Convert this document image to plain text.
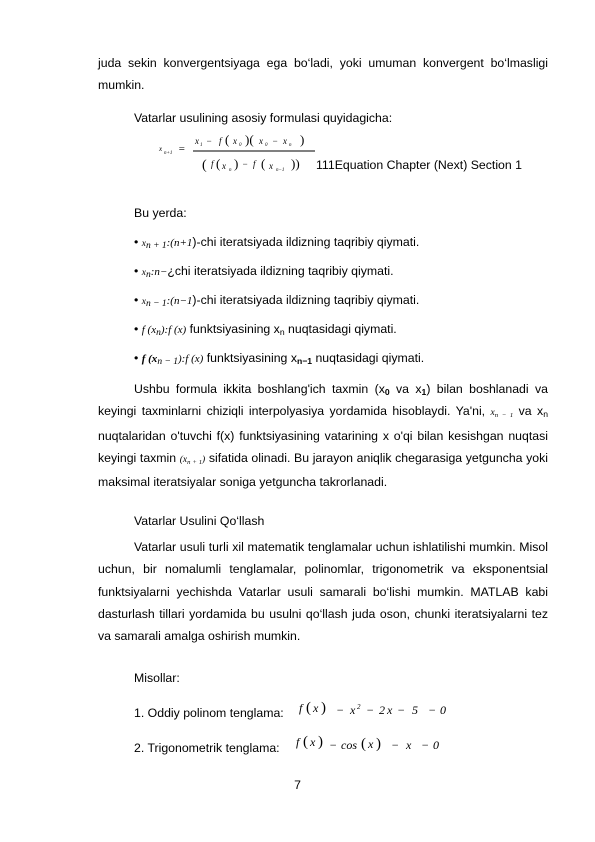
juda sekin konvergentsiyaga ega bo‘ladi, yoki umuman konvergent bo‘lmasligi mumkin.

Vatarlar usulining asosiy formulasi quyidagicha:
x
n+1 =
x 1 − f ( x 0 )( x 0 − x n )
( f ( x n ) − f ( x n−1 )) 111Equation Chapter (Next) Section 1
Bu yerda:
• $x_{n + 1}:(n+1)$-chi iteratsiyada ildizning taqribiy qiymati.
• $x_n:n-¿chi$ iteratsiyada ildizning taqribiy qiymati.
• $x_{n - 1}:(n-1)$-chi iteratsiyada ildizning taqribiy qiymati.
• f $(x_n):f$ (x) funktsiyasining $x_n$ nuqtasidagi qiymati.
• f $(x_{n - 1}):f$ (x) funktsiyasining $x_{n-1}$ nuqtasidagi qiymati.

Ushbu formula ikkita boshlang'ich taxmin ($x_0$ va $x_1$) bilan boshlanadi va keyingi taxminlarni chiziqli interpolyasiya yordamida hisoblaydi. Ya'ni, $x_{n - 1}$ va $x_n$ nuqtalaridan o'tuvchi f(x) funktsiyasining vatarining x o'qi bilan kesishgan nuqtasi keyingi taxmin $(x_{n + 1})$ sifatida olinadi. Bu jarayon aniqlik chegarasiga yetguncha yoki maksimal iteratsiyalar soniga yetguncha takrorlanadi.

Vatarlar Usulini Qo‘llash

Vatarlar usuli turli xil matematik tenglamalar uchun ishlatilishi mumkin. Misol uchun, bir nomalumli tenglamalar, polinomlar, trigonometrik va eksponentsial funktsiyalarni yechishda Vatarlar usuli samarali bo‘lishi mumkin. MATLAB kabi dasturlash tillari yordamida bu usulni qo‘llash juda oson, chunki iteratsiyalarni tez va samarali amalga oshirish mumkin.

Misollar:
1. Oddiy polinom tenglama: f ( x ) − x 2 − 2 x − 5 − 0
2. Trigonometrik tenglama: f ( x ) − cos ( x ) − x − 0
7
